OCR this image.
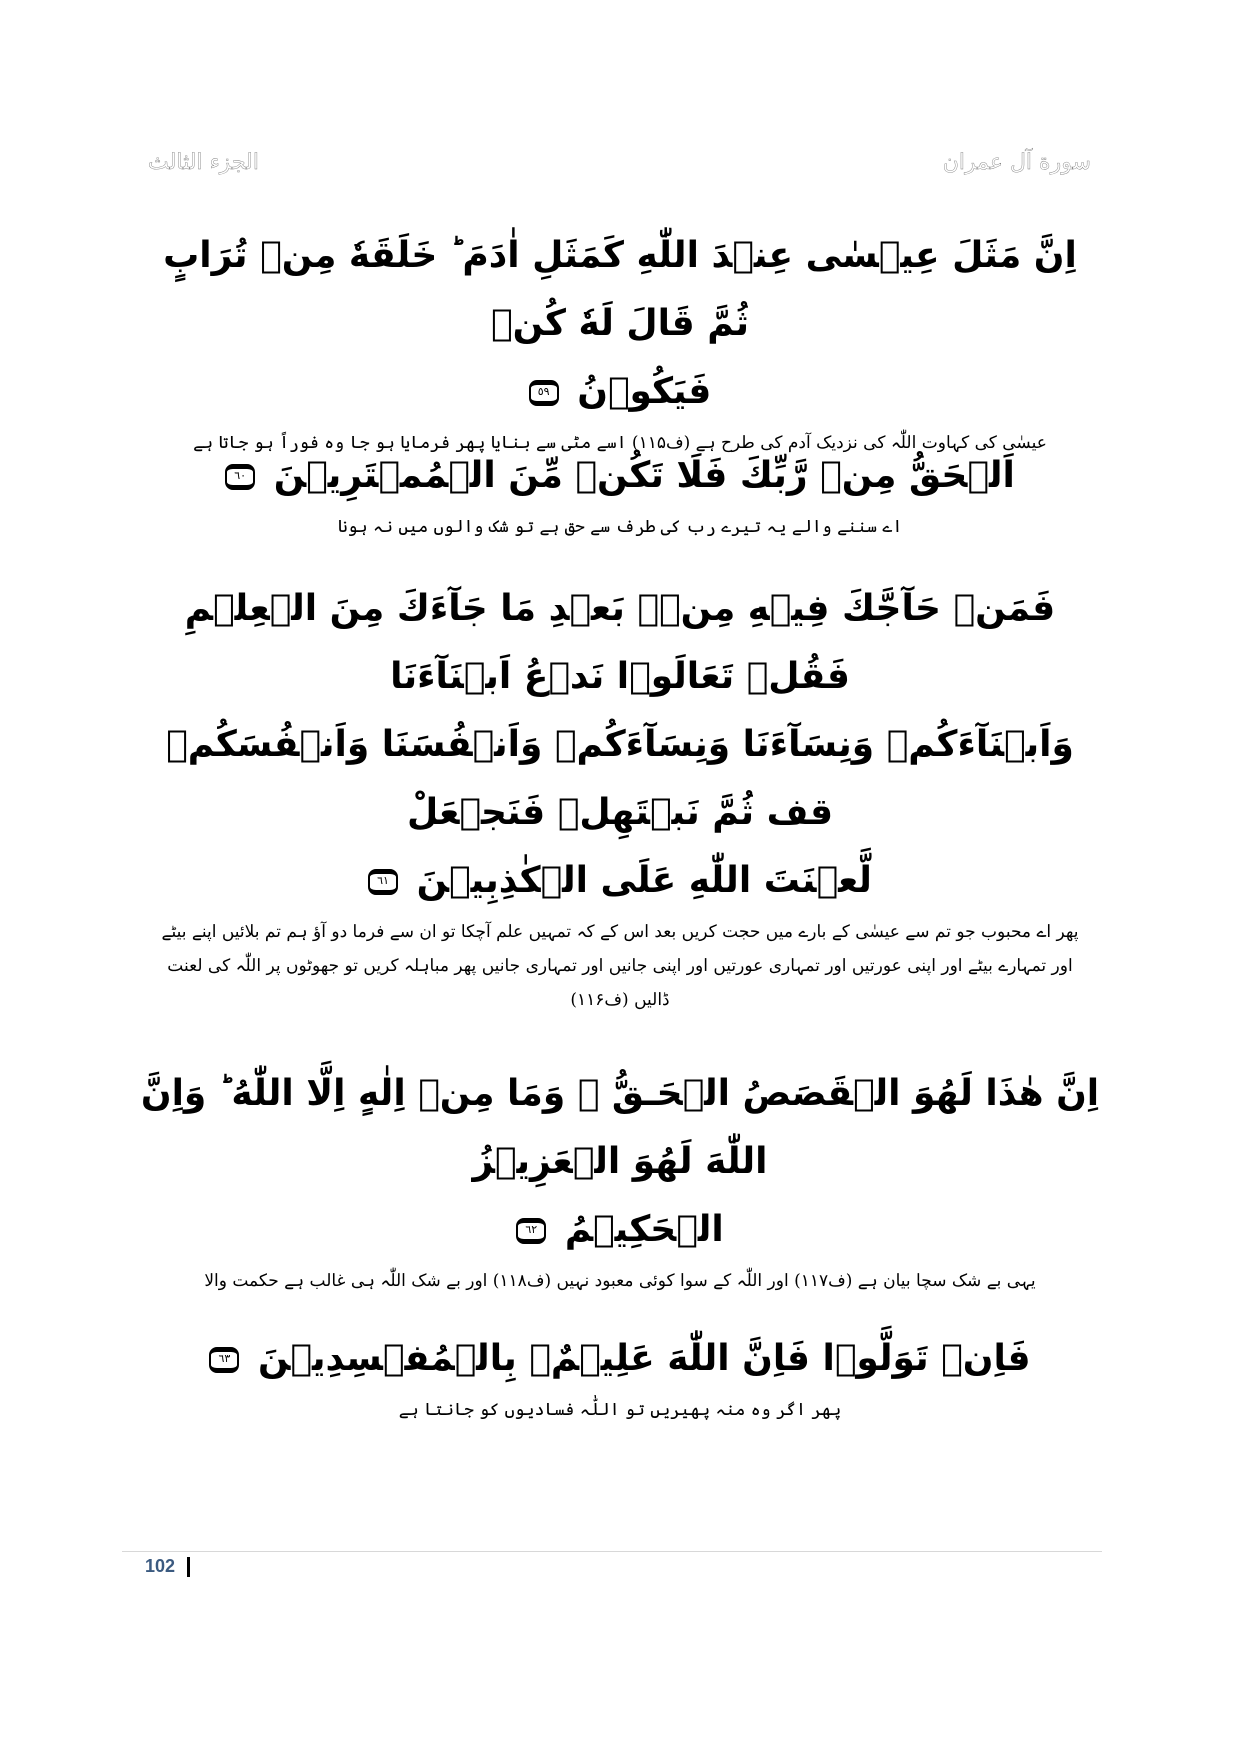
الجزء الثالث	سورة آل عمران
اِنَّ مَثَلَ عِيۡسٰى عِنۡدَ اللّٰهِ كَمَثَلِ اٰدَمَ ؕ خَلَقَهٗ مِنۡ تُرَابٍ ثُمَّ قَالَ لَهٗ كُنۡ
فَيَكُوۡنُ ٥٩
عیسٰی کی کہاوت اللّٰہ کی نزدیک آدم کی طرح ہے (ف۱۱۵) اسے مٹی سے بنایا پھر فرمایا ہو جا وہ فوراً ہو جاتا ہے
اَلۡحَقُّ مِنۡ رَّبِّكَ فَلَا تَكُنۡ مِّنَ الۡمُمۡتَرِيۡنَ ٦٠
اے سننے والے یہ تیرے رب کی طرف سے حق ہے تو شک والوں میں نہ ہونا
فَمَنۡ حَآجَّكَ فِيۡهِ مِنۡۢ بَعۡدِ مَا جَآءَكَ مِنَ الۡعِلۡمِ فَقُلۡ تَعَالَوۡا نَدۡعُ اَبۡنَآءَنَا
وَاَبۡنَآءَكُمۡ وَنِسَآءَنَا وَنِسَآءَكُمۡ وَاَنۡفُسَنَا وَاَنۡفُسَكُمۡ قف ثُمَّ نَبۡتَهِلۡ فَنَجۡعَلْ
لَّعۡنَتَ اللّٰهِ عَلَى الۡكٰذِبِيۡنَ ٦١
پھر اے محبوب جو تم سے عیسٰی کے بارے میں حجت کریں بعد اس کے کہ تمہیں علم آچکا تو ان سے فرما دو آؤ ہم تم بلائیں اپنے بیٹے
اور تمہارے بیٹے اور اپنی عورتیں اور تمہاری عورتیں اور اپنی جانیں اور تمہاری جانیں پھر مباہلہ کریں تو جھوٹوں پر اللّٰہ کی لعنت
ڈالیں (ف۱۱۶)
اِنَّ هٰذَا لَهُوَ الۡقَصَصُ الۡحَـقُّ ۚ وَمَا مِنۡ اِلٰهٍ اِلَّا اللّٰهُ ؕ وَاِنَّ اللّٰهَ لَهُوَ الۡعَزِيۡزُ
الۡحَكِيۡمُ ٦٢
یہی بے شک سچا بیان ہے (ف۱۱۷) اور اللّٰہ کے سوا کوئی معبود نہیں (ف۱۱۸) اور بے شک اللّٰہ ہی غالب ہے حکمت والا
فَاِنۡ تَوَلَّوۡا فَاِنَّ اللّٰهَ عَلِيۡمٌۢ بِالۡمُفۡسِدِيۡنَ ٦٣
پھر اگر وہ منہ پھیریں تو اللّٰہ فسادیوں کو جانتا ہے
102
